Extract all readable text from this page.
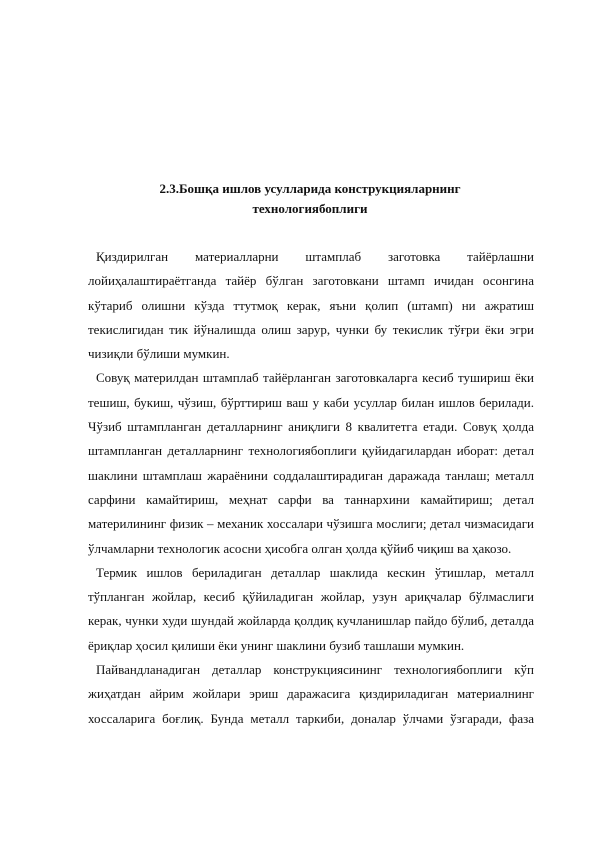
2.3.Бошқа ишлов усулларида конструкцияларнинг
технологиябоплиги

Қиздирилган материалларни штамплаб заготовка тайёрлашни лойиҳалаштираётганда тайёр бўлган заготовкани штамп ичидан осонгина кўтариб олишни кўзда ттутмоқ керак, яъни қолип (штамп) ни ажратиш текислигидан тик йўналишда олиш зарур, чунки бу текислик тўғри ёки эгри чизиқли бўлиши мумкин.

Совуқ материлдан штамплаб тайёрланган заготовкаларга кесиб тушириш ёки тешиш, букиш, чўзиш, бўрттириш ваш у каби усуллар билан ишлов берилади. Чўзиб штампланган деталларнинг аниқлиги 8 квалитетга етади. Совуқ ҳолда штампланган деталларнинг технологиябоплиги қуйидагилардан иборат: детал шаклини штамплаш жараёнини соддалаштирадиган даражада танлаш; металл сарфини камайтириш, меҳнат сарфи ва таннархини камайтириш; детал материлининг физик – механик хоссалари чўзишга мослиги; детал чизмасидаги ўлчамларни технологик асосни ҳисобга олган ҳолда қўйиб чиқиш ва ҳакозо.

Термик ишлов бериладиган деталлар шаклида кескин ўтишлар, металл тўпланган жойлар, кесиб қўйиладиган жойлар, узун ариқчалар бўлмаслиги керак, чунки худи шундай жойларда қолдиқ кучланишлар пайдо бўлиб, деталда ёриқлар ҳосил қилиши ёки унинг шаклини бузиб ташлаши мумкин.

Пайвандланадиган деталлар конструкциясининг технологиябоплиги кўп жиҳатдан айрим жойлари эриш даражасига қиздириладиган материалнинг хоссаларига боғлиқ. Бунда металл таркиби, доналар ўлчами ўзгаради, фаза
